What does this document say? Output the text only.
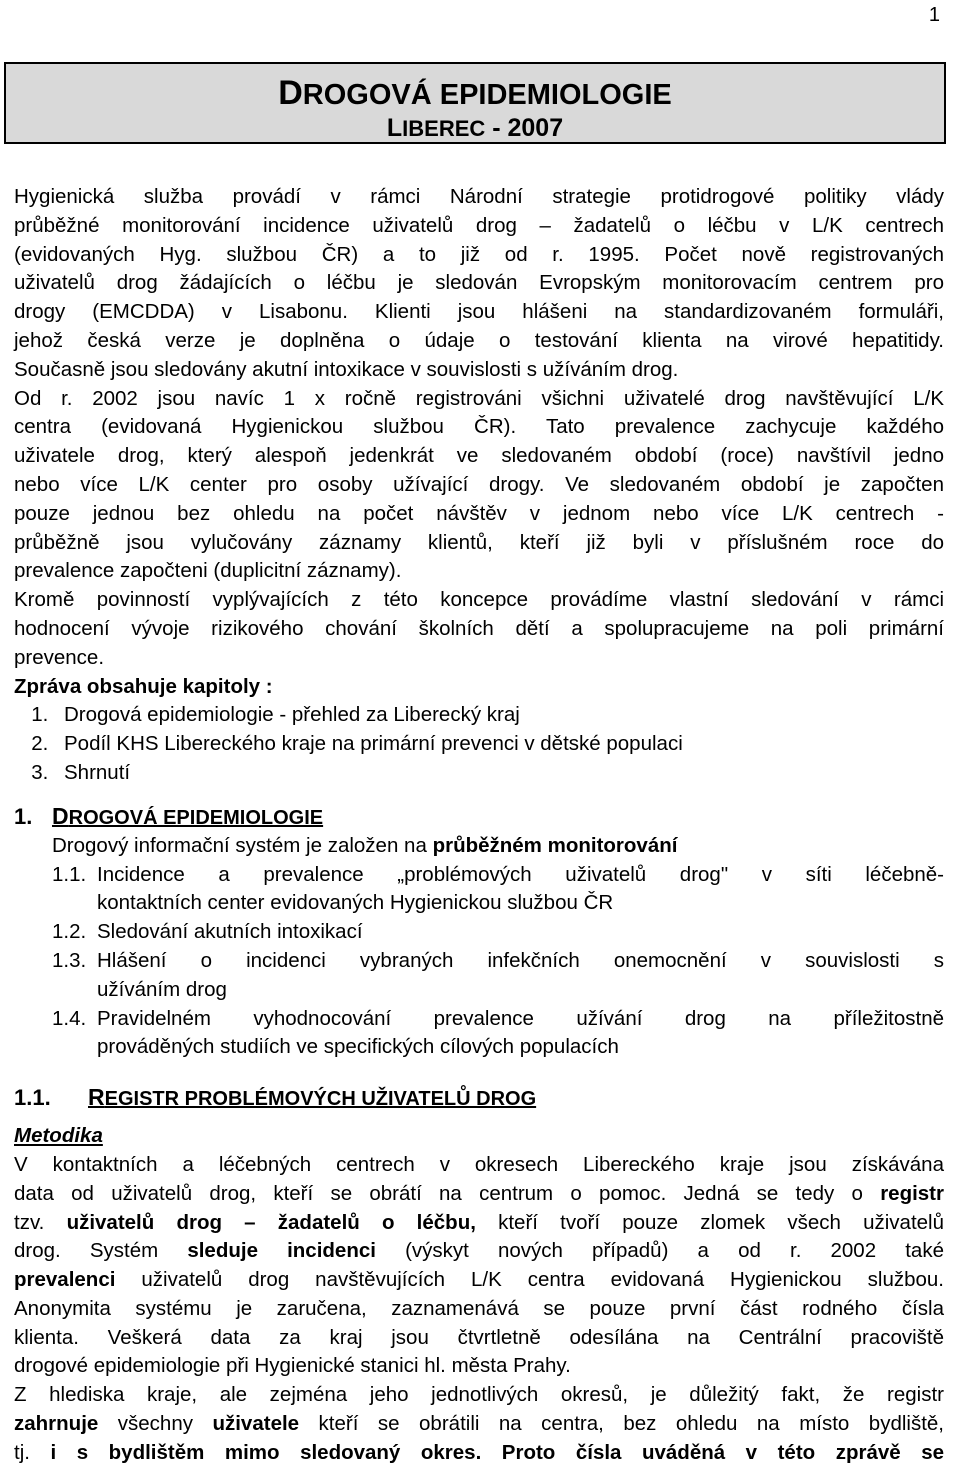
1
DROGOVÁ EPIDEMIOLOGIE
LIBEREC - 2007
Hygienická služba provádí v rámci Národní strategie protidrogové politiky vlády
průběžné monitorování incidence uživatelů drog – žadatelů o léčbu v L/K centrech
(evidovaných Hyg. službou ČR) a to již od r. 1995. Počet nově registrovaných
uživatelů drog žádajících o léčbu je sledován Evropským monitorovacím centrem pro
drogy (EMCDDA) v Lisabonu. Klienti jsou hlášeni na standardizovaném formuláři,
jehož česká verze je doplněna o údaje o testování klienta na virové hepatitidy.
Současně jsou sledovány akutní intoxikace v souvislosti s užíváním drog.
Od r. 2002 jsou navíc 1 x ročně registrováni všichni uživatelé drog navštěvující L/K
centra (evidovaná Hygienickou službou ČR). Tato prevalence zachycuje každého
uživatele drog, který alespoň jedenkrát ve sledovaném období (roce) navštívil jedno
nebo více L/K center pro osoby užívající drogy. Ve sledovaném období je započten
pouze jednou bez ohledu na počet návštěv v jednom nebo více L/K centrech -
průběžně jsou vylučovány záznamy klientů, kteří již byli v příslušném roce do
prevalence započteni (duplicitní záznamy).
Kromě povinností vyplývajících z této koncepce provádíme vlastní sledování v rámci
hodnocení vývoje rizikového chování školních dětí a spolupracujeme na poli primární
prevence.
Zpráva obsahuje kapitoly :
1. Drogová epidemiologie - přehled za Liberecký kraj
2. Podíl KHS Libereckého kraje na primární prevenci v dětské populaci
3. Shrnutí
1. DROGOVÁ EPIDEMIOLOGIE
Drogový informační systém je založen na průběžném monitorování
1.1. Incidence a prevalence „problémových uživatelů drog" v síti léčebně-
kontaktních center evidovaných Hygienickou službou ČR
1.2. Sledování akutních intoxikací
1.3. Hlášení o incidenci vybraných infekčních onemocnění v souvislosti s
užíváním drog
1.4. Pravidelném vyhodnocování prevalence užívání drog na příležitostně
prováděných studiích ve specifických cílových populacích
1.1. REGISTR PROBLÉMOVÝCH UŽIVATELŮ DROG
Metodika
V kontaktních a léčebných centrech v okresech Libereckého kraje jsou získávána
data od uživatelů drog, kteří se obrátí na centrum o pomoc. Jedná se tedy o registr
tzv. uživatelů drog – žadatelů o léčbu, kteří tvoří pouze zlomek všech uživatelů
drog. Systém sleduje incidenci (výskyt nových případů) a od r. 2002 také
prevalenci uživatelů drog navštěvujících L/K centra evidovaná Hygienickou službou.
Anonymita systému je zaručena, zaznamenává se pouze první část rodného čísla
klienta. Veškerá data za kraj jsou čtvrtletně odesílána na Centrální pracoviště
drogové epidemiologie při Hygienické stanici hl. města Prahy.
Z hlediska kraje, ale zejména jeho jednotlivých okresů, je důležitý fakt, že registr
zahrnuje všechny uživatele kteří se obrátili na centra, bez ohledu na místo bydliště,
tj. i s bydlištěm mimo sledovaný okres. Proto čísla uváděná v této zprávě se
